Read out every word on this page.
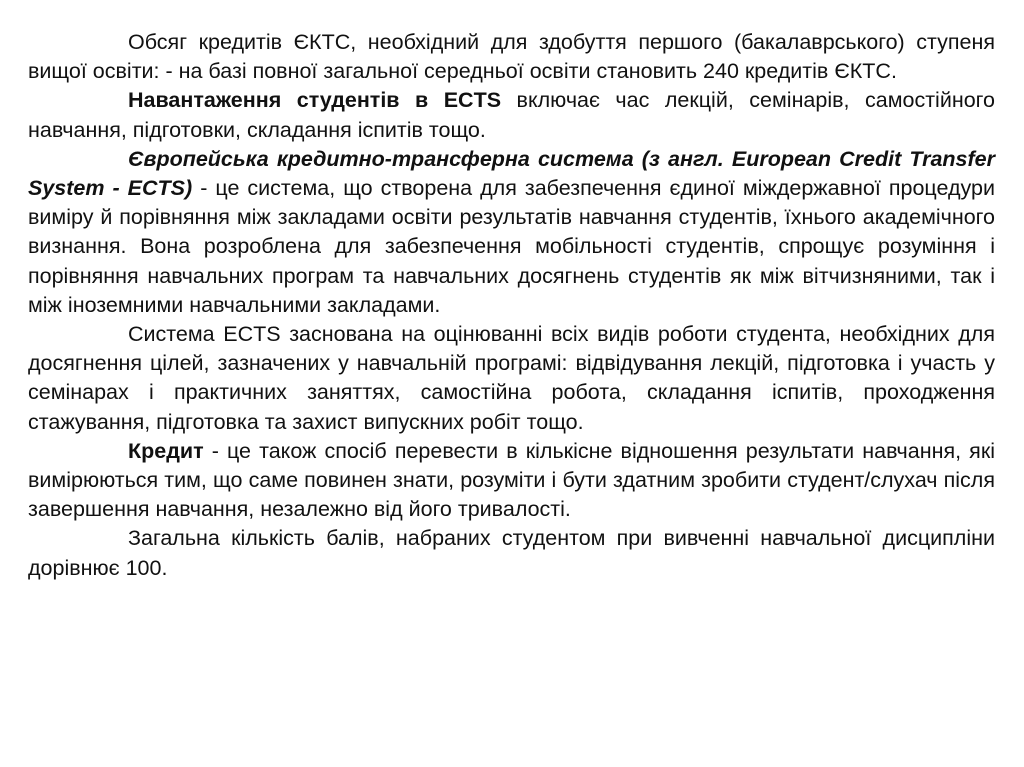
Обсяг кредитів ЄКТС, необхідний для здобуття першого (бакалаврського) ступеня вищої освіти: - на базі повної загальної середньої освіти становить 240 кредитів ЄКТС.

Навантаження студентів в ECTS включає час лекцій, семінарів, самостійного навчання, підготовки, складання іспитів тощо.

Європейська кредитно-трансферна система (з англ. European Credit Transfer System - ECTS) - це система, що створена для забезпечення єдиної міждержавної процедури виміру й порівняння між закладами освіти результатів навчання студентів, їхнього академічного визнання. Вона розроблена для забезпечення мобільності студентів, спрощує розуміння і порівняння навчальних програм та навчальних досягнень студентів як між вітчизняними, так і між іноземними навчальними закладами.

Система ECTS заснована на оцінюванні всіх видів роботи студента, необхідних для досягнення цілей, зазначених у навчальній програмі: відвідування лекцій, підготовка і участь у семінарах і практичних заняттях, самостійна робота, складання іспитів, проходження стажування, підготовка та захист випускних робіт тощо.

Кредит - це також спосіб перевести в кількісне відношення результати навчання, які вимірюються тим, що саме повинен знати, розуміти і бути здатним зробити студент/слухач після завершення навчання, незалежно від його тривалості.

Загальна кількість балів, набраних студентом при вивченні навчальної дисципліни дорівнює 100.
